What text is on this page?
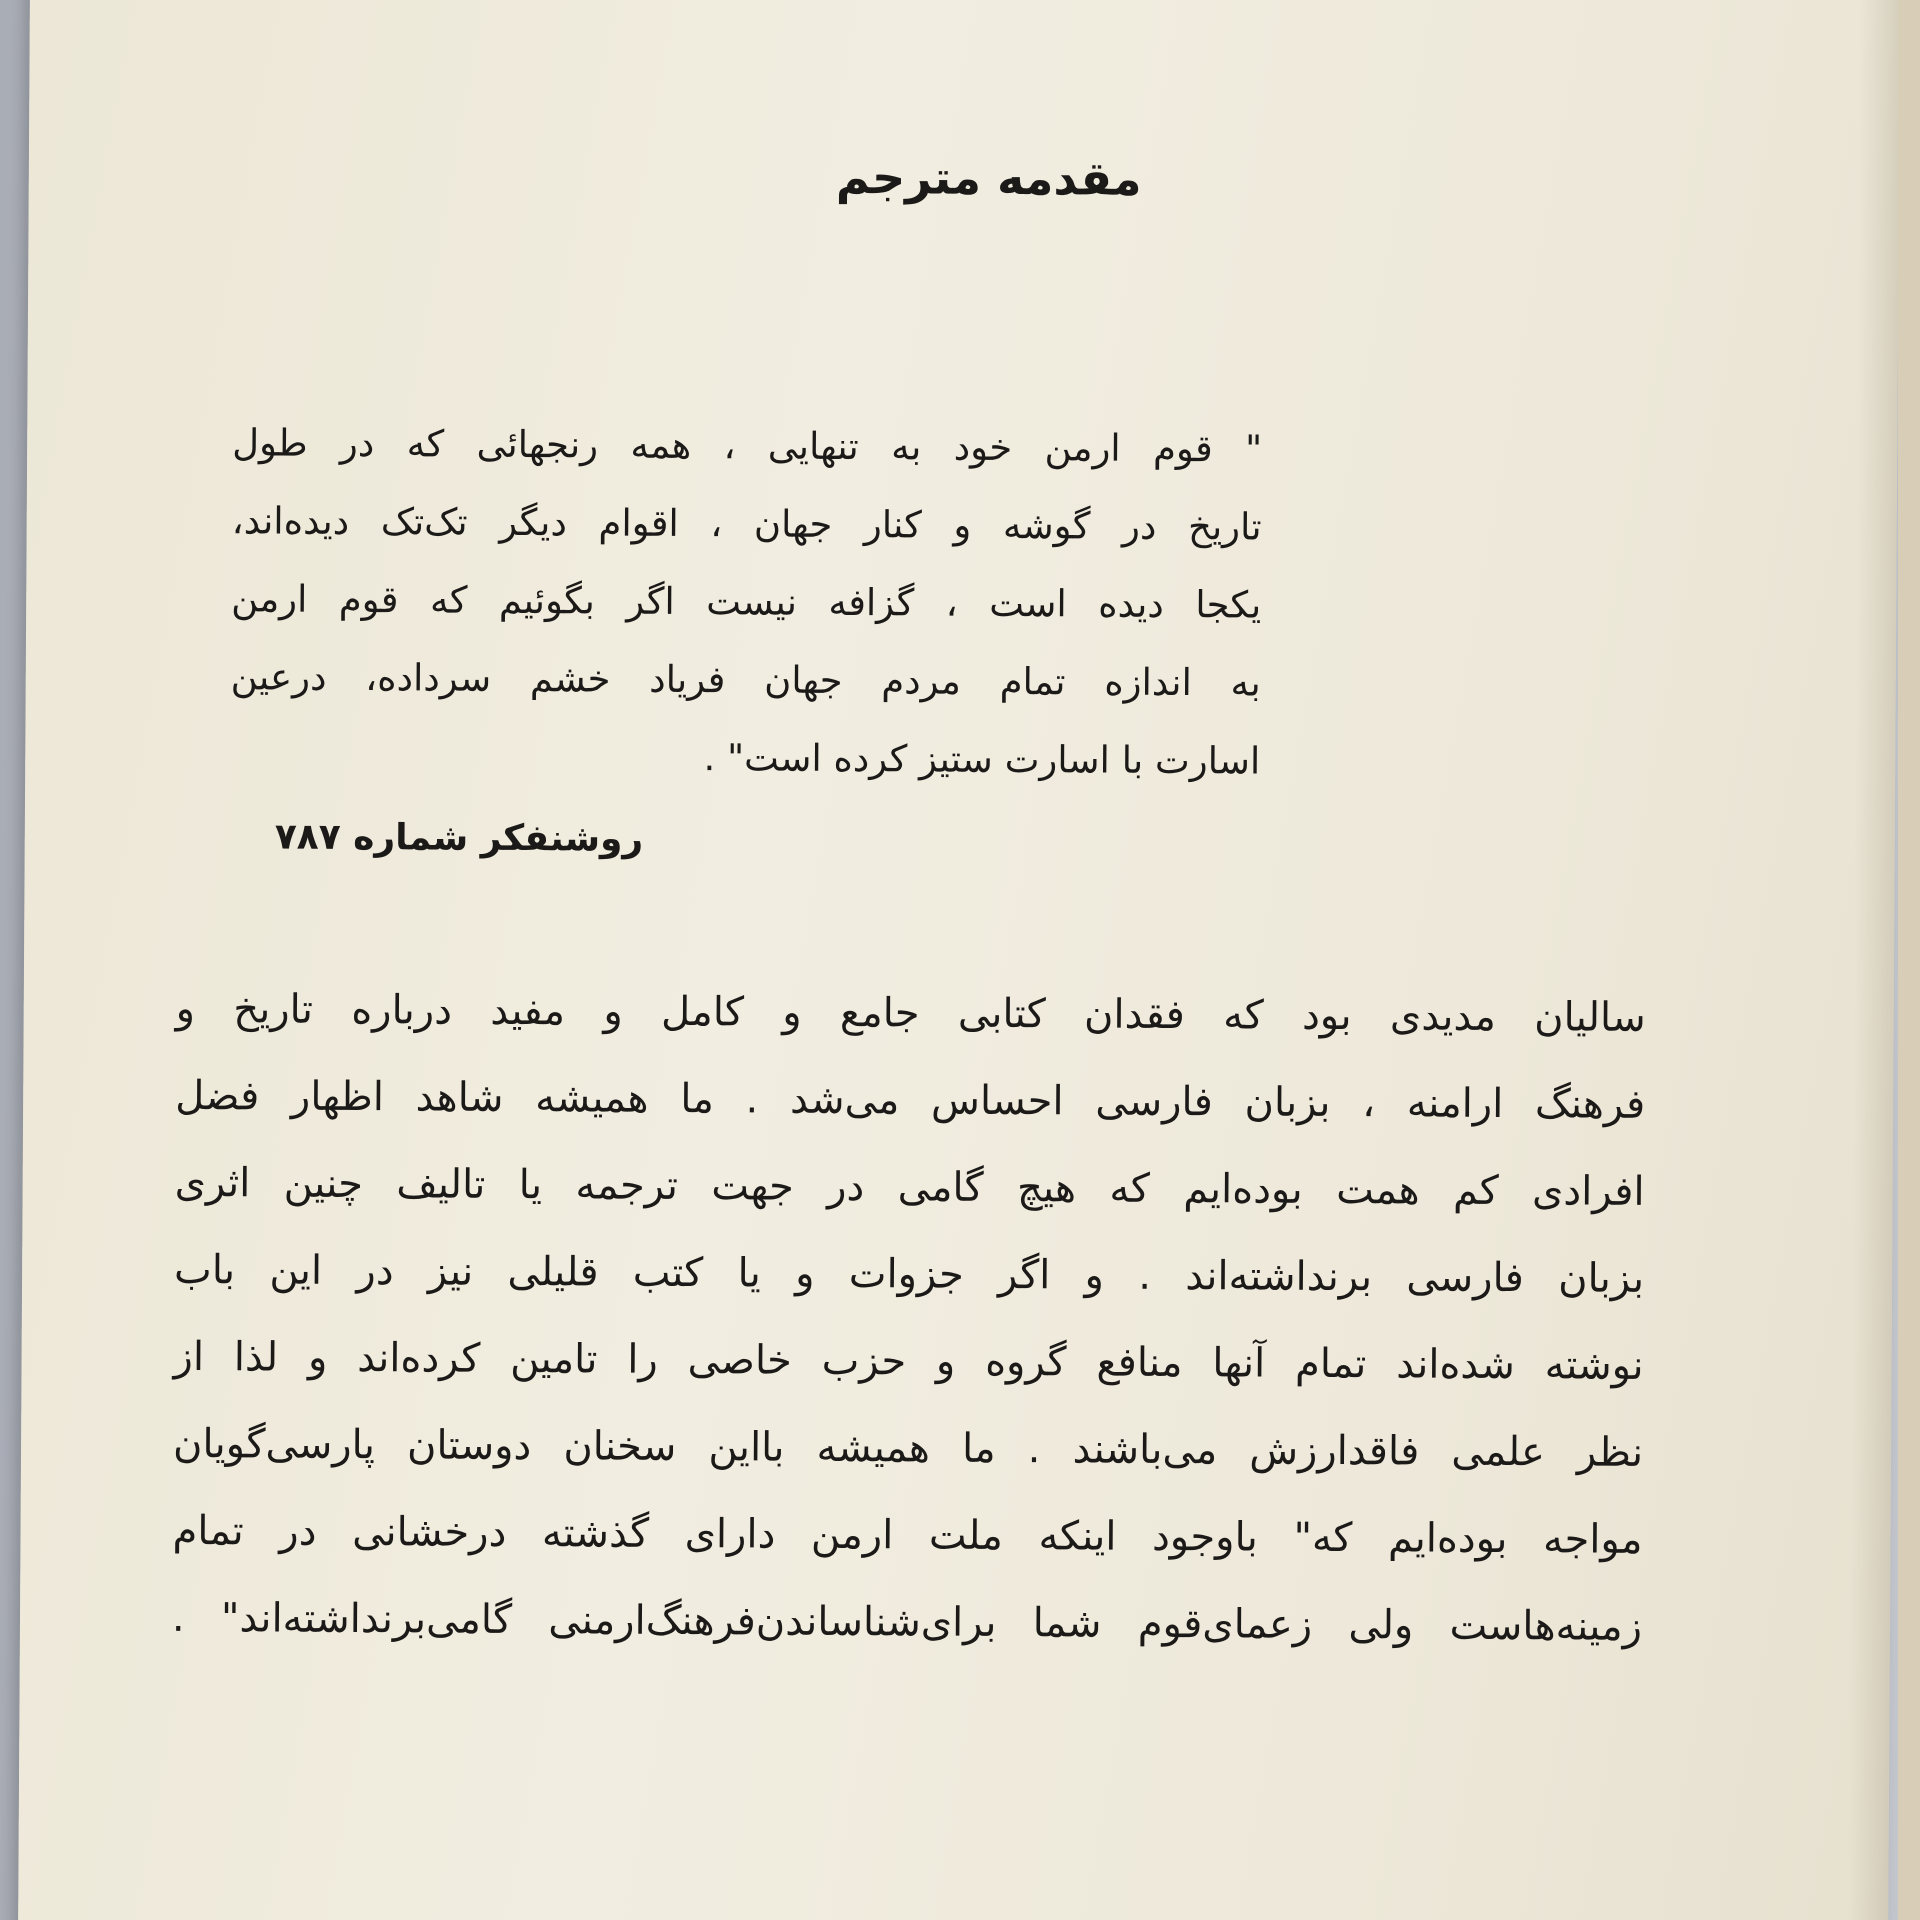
مقدمه مترجم
" قوم ارمن خود به تنهایی ، همه رنجهائی که در طول
تاریخ در گوشه و کنار جهان ، اقوام دیگر تک‌تک دیده‌اند،
یکجا دیده است ، گزافه نیست اگر بگوئیم که قوم ارمن
به اندازه تمام مردم جهان فریاد خشم سرداده، درعین
اسارت با اسارت ستیز کرده است" .
روشنفکر شماره ۷۸۷
سالیان مدیدی بود که فقدان کتابی جامع و کامل و مفید درباره تاریخ و
فرهنگ ارامنه ، بزبان فارسی احساس می‌شد . ما همیشه شاهد اظهار فضل
افرادی کم همت بوده‌ایم که هیچ گامی در جهت ترجمه یا تالیف چنین اثری
بزبان فارسی برنداشته‌اند . و اگر جزوات و یا کتب قلیلی نیز در این باب
نوشته شده‌اند تمام آنها منافع گروه و حزب خاصی را تامین کرده‌اند و لذا از
نظر علمی فاقدارزش می‌باشند . ما همیشه بااین سخنان دوستان پارسی‌گویان
مواجه بوده‌ایم که" باوجود اینکه ملت ارمن دارای گذشته درخشانی در تمام
زمینه‌هاست ولی زعمای‌قوم شما برای‌شناساندن‌فرهنگ‌ارمنی گامی‌برنداشته‌اند" .
